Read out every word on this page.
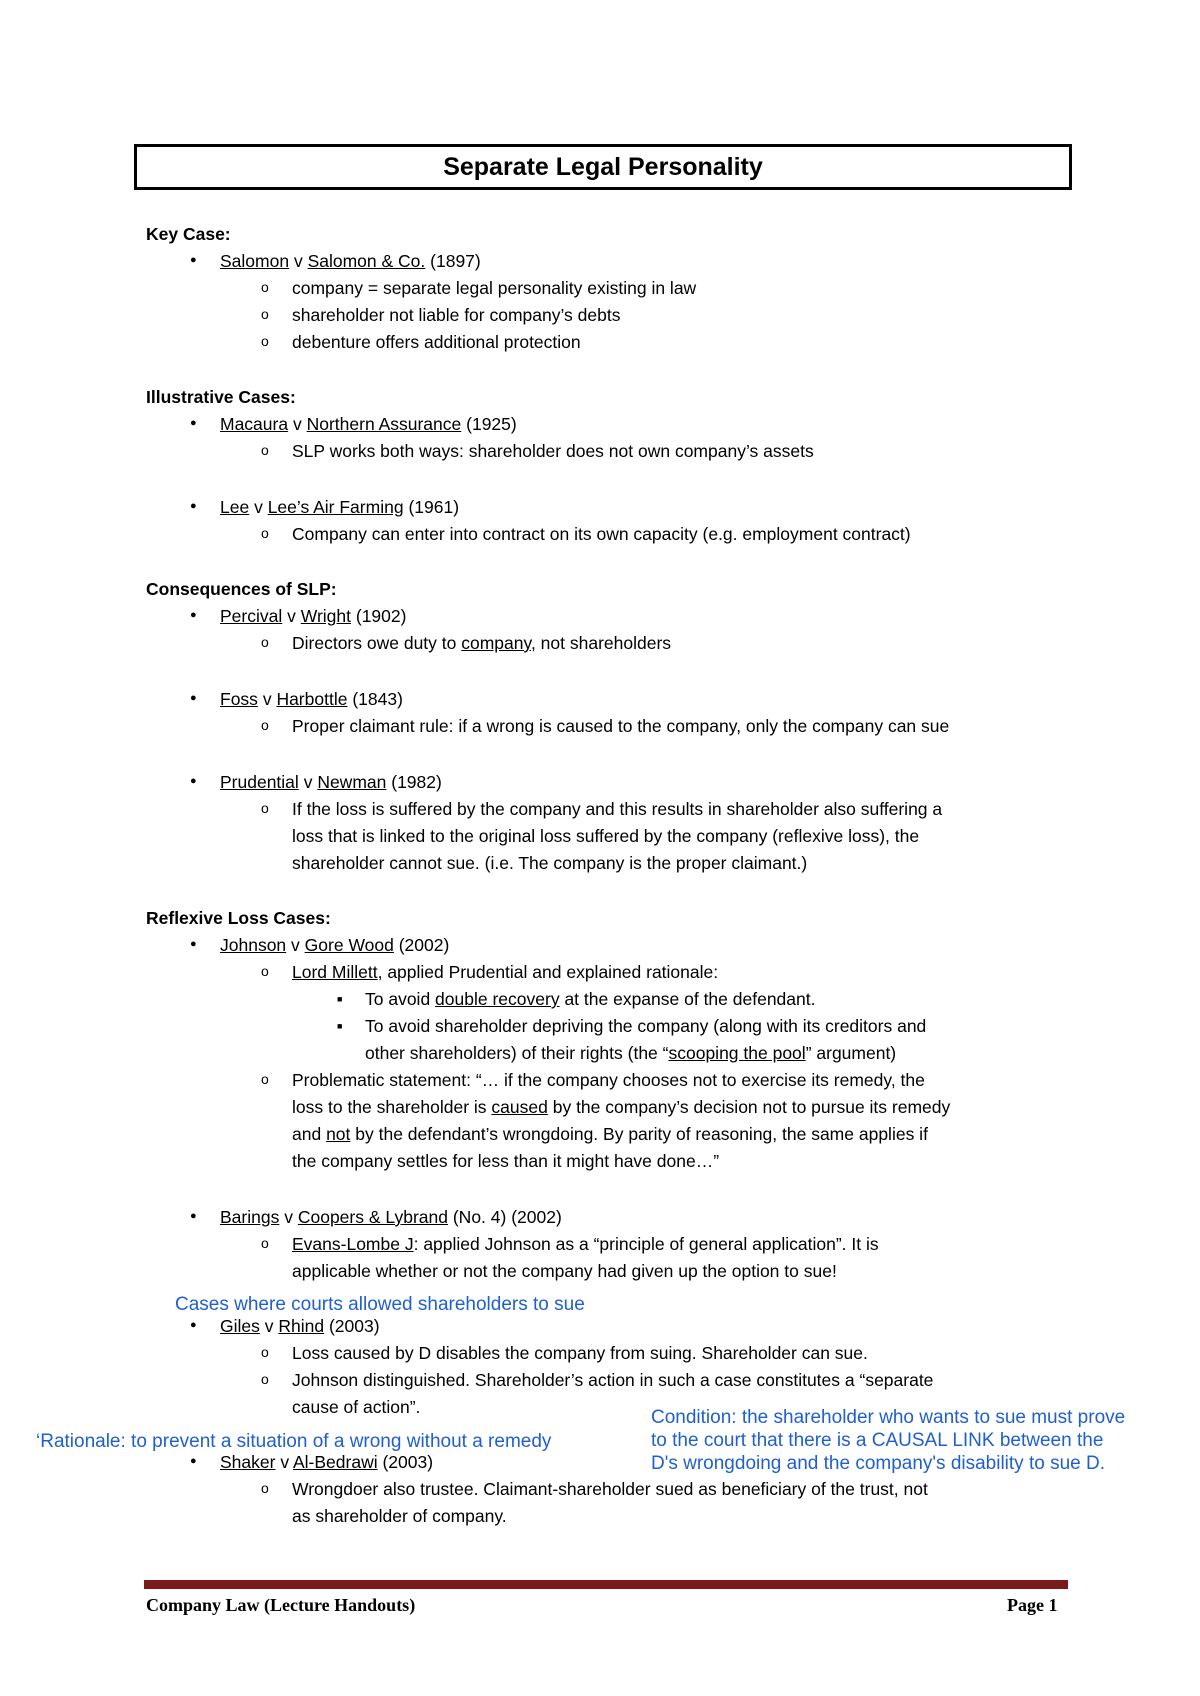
Separate Legal Personality
Key Case:
● Salomon v Salomon & Co. (1897)
o company = separate legal personality existing in law
o shareholder not liable for company’s debts
o debenture offers additional protection
Illustrative Cases:
● Macaura v Northern Assurance (1925)
o SLP works both ways: shareholder does not own company’s assets
● Lee v Lee’s Air Farming (1961)
o Company can enter into contract on its own capacity (e.g. employment contract)
Consequences of SLP:
● Percival v Wright (1902)
o Directors owe duty to company, not shareholders
● Foss v Harbottle (1843)
o Proper claimant rule: if a wrong is caused to the company, only the company can sue
● Prudential v Newman (1982)
o If the loss is suffered by the company and this results in shareholder also suffering a
loss that is linked to the original loss suffered by the company (reflexive loss), the
shareholder cannot sue. (i.e. The company is the proper claimant.)
Reflexive Loss Cases:
● Johnson v Gore Wood (2002)
o Lord Millett, applied Prudential and explained rationale:
■ To avoid double recovery at the expanse of the defendant.
■ To avoid shareholder depriving the company (along with its creditors and
other shareholders) of their rights (the “scooping the pool” argument)
o Problematic statement: “… if the company chooses not to exercise its remedy, the
loss to the shareholder is caused by the company’s decision not to pursue its remedy
and not by the defendant’s wrongdoing. By parity of reasoning, the same applies if
the company settles for less than it might have done…”
● Barings v Coopers & Lybrand (No. 4) (2002)
o Evans-Lombe J: applied Johnson as a “principle of general application”. It is
applicable whether or not the company had given up the option to sue!
● Giles v Rhind (2003)
o Loss caused by D disables the company from suing. Shareholder can sue.
o Johnson distinguished. Shareholder’s action in such a case constitutes a “separate
cause of action”.
● Shaker v Al-Bedrawi (2003)
o Wrongdoer also trustee. Claimant-shareholder sued as beneficiary of the trust, not
as shareholder of company.
Cases where courts allowed shareholders to sue
‘Rationale: to prevent a situation of a wrong without a remedy
Condition: the shareholder who wants to sue must prove
to the court that there is a CAUSAL LINK between the
D's wrongdoing and the company's disability to sue D.
Company Law (Lecture Handouts)	Page 1
